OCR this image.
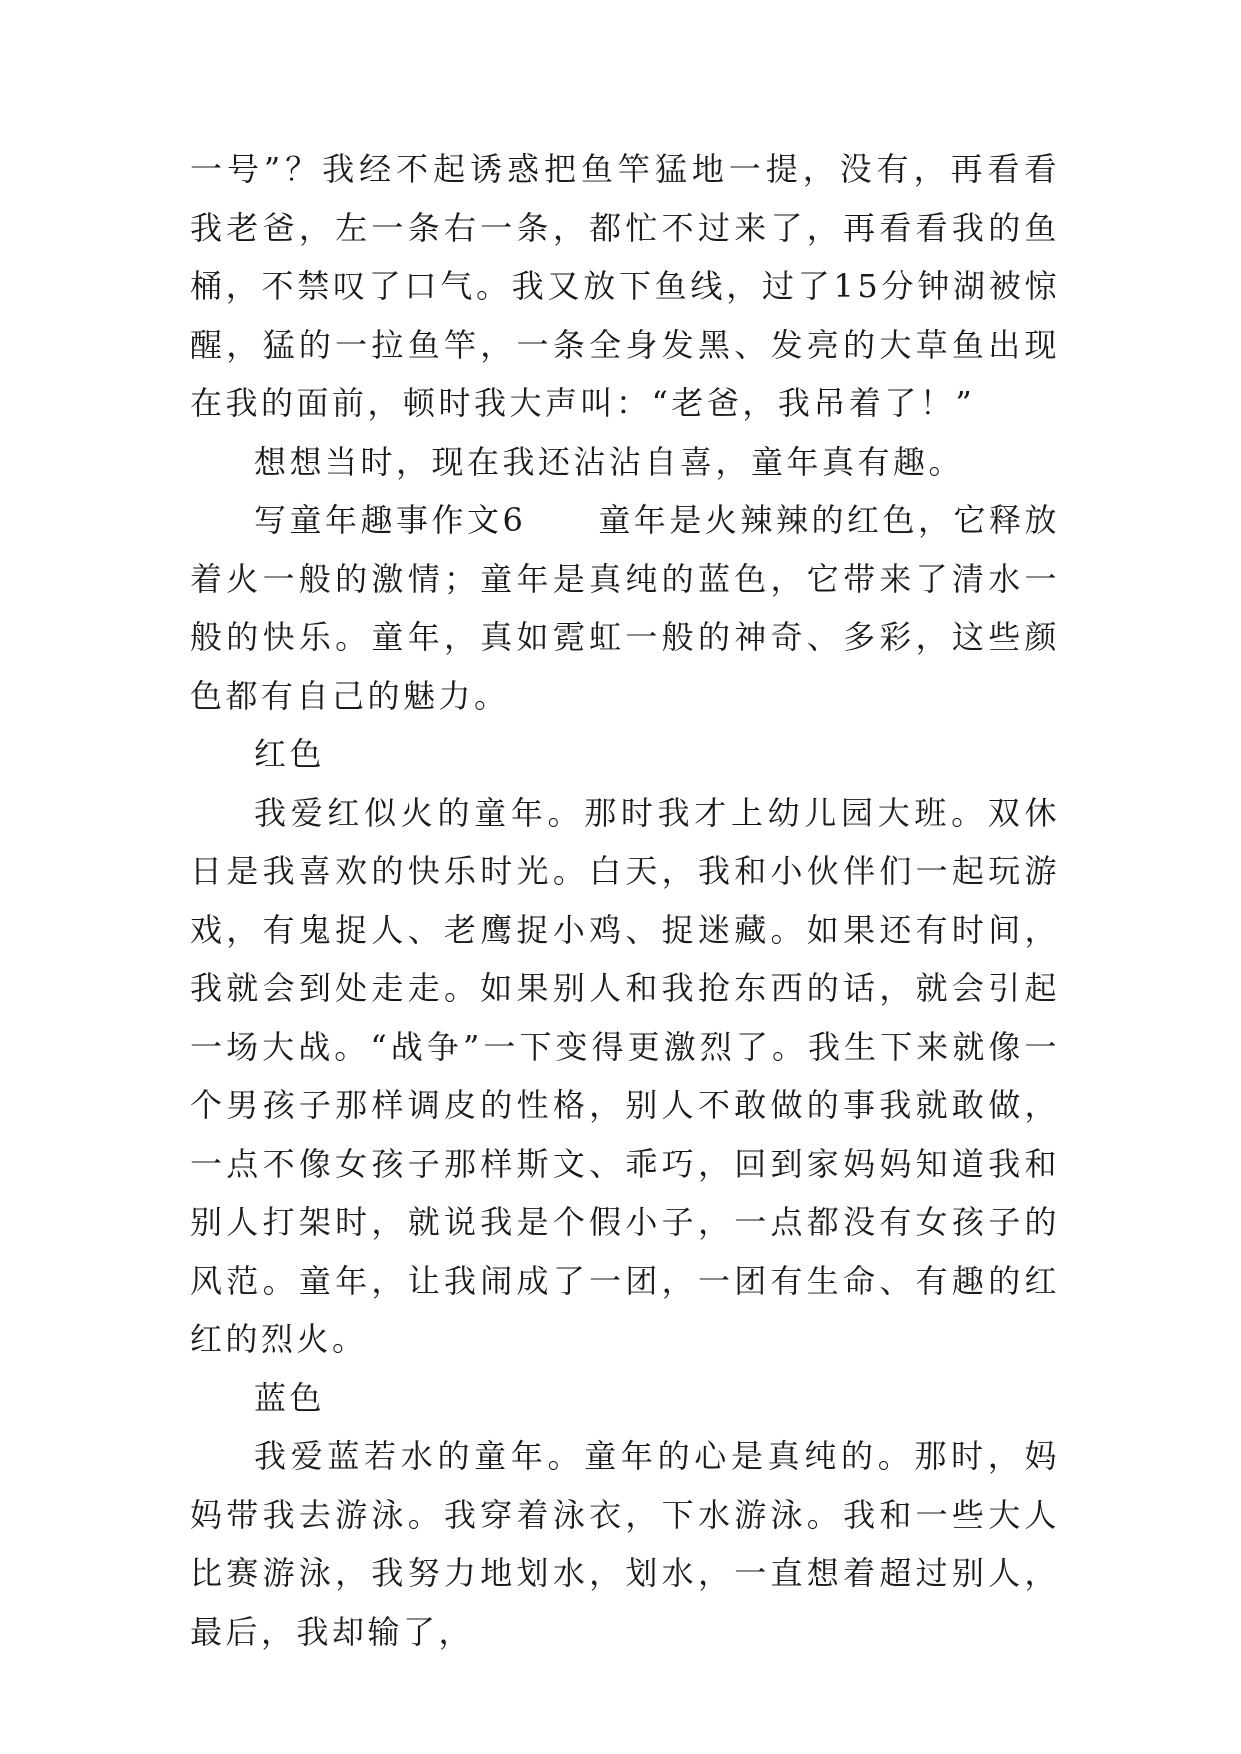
一号”？我经不起诱惑把鱼竿猛地一提，没有，再看看我老爸，左一条右一条，都忙不过来了，再看看我的鱼桶，不禁叹了口气。我又放下鱼线，过了15分钟湖被惊醒，猛的一拉鱼竿，一条全身发黑、发亮的大草鱼出现在我的面前，顿时我大声叫：“老爸，我吊着了！”

想想当时，现在我还沾沾自喜，童年真有趣。

写童年趣事作文6 童年是火辣辣的红色，它释放着火一般的激情；童年是真纯的蓝色，它带来了清水一般的快乐。童年，真如霓虹一般的神奇、多彩，这些颜色都有自己的魅力。

红色

我爱红似火的童年。那时我才上幼儿园大班。双休日是我喜欢的快乐时光。白天，我和小伙伴们一起玩游戏，有鬼捉人、老鹰捉小鸡、捉迷藏。如果还有时间，我就会到处走走。如果别人和我抢东西的话，就会引起一场大战。“战争”一下变得更激烈了。我生下来就像一个男孩子那样调皮的性格，别人不敢做的事我就敢做，一点不像女孩子那样斯文、乖巧，回到家妈妈知道我和别人打架时，就说我是个假小子，一点都没有女孩子的风范。童年，让我闹成了一团，一团有生命、有趣的红红的烈火。

蓝色

我爱蓝若水的童年。童年的心是真纯的。那时，妈妈带我去游泳。我穿着泳衣，下水游泳。我和一些大人比赛游泳，我努力地划水，划水，一直想着超过别人，最后，我却输了，
